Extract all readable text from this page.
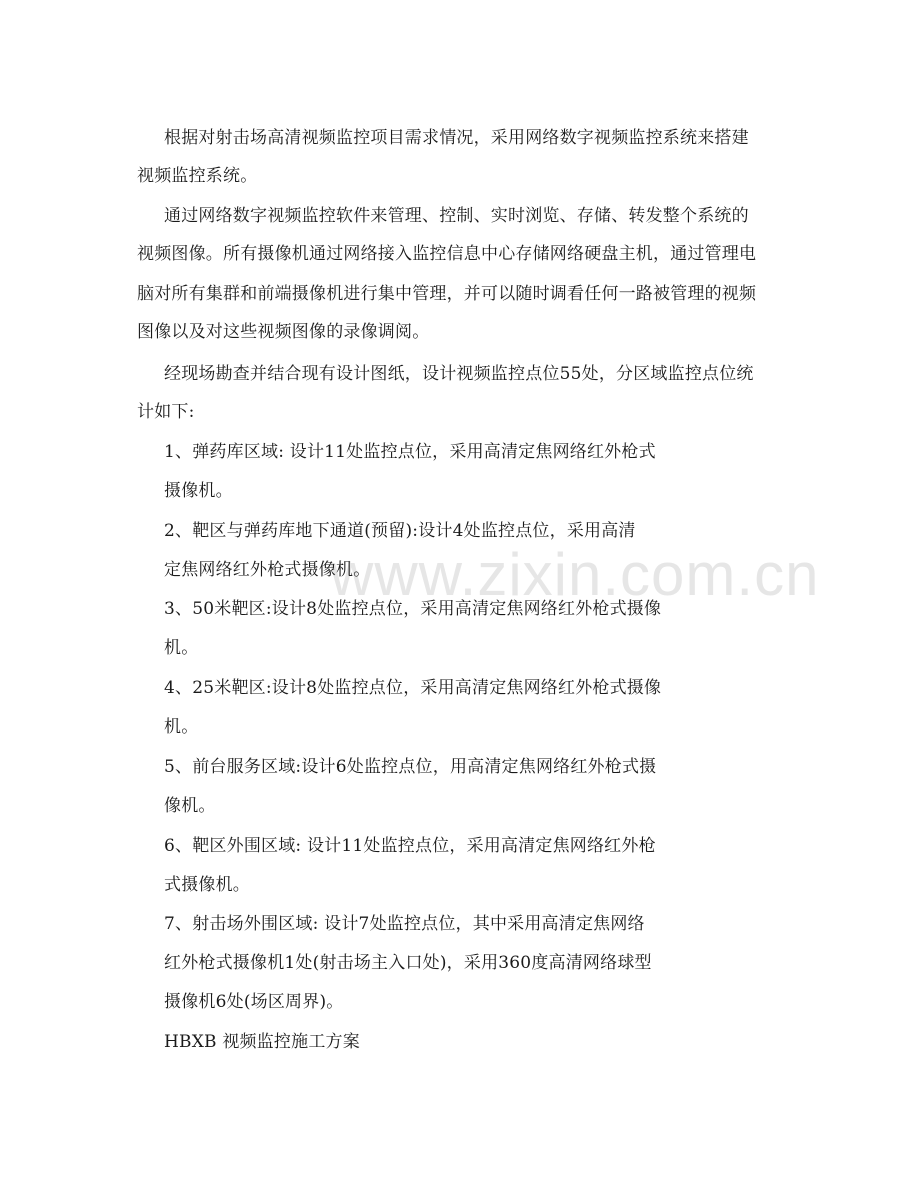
www.zixin.com.cn
根据对射击场高清视频监控项目需求情况，采用网络数字视频监控系统来搭建
视频监控系统。
通过网络数字视频监控软件来管理、控制、实时浏览、存储、转发整个系统的
视频图像。所有摄像机通过网络接入监控信息中心存储网络硬盘主机，通过管理电
脑对所有集群和前端摄像机进行集中管理，并可以随时调看任何一路被管理的视频
图像以及对这些视频图像的录像调阅。
经现场勘查并结合现有设计图纸，设计视频监控点位55处，分区域监控点位统
计如下:
1、弹药库区域: 设计11处监控点位，采用高清定焦网络红外枪式
摄像机。
2、靶区与弹药库地下通道(预留):设计4处监控点位，采用高清
定焦网络红外枪式摄像机。
3、50米靶区:设计8处监控点位，采用高清定焦网络红外枪式摄像
机。
4、25米靶区:设计8处监控点位，采用高清定焦网络红外枪式摄像
机。
5、前台服务区域:设计6处监控点位，用高清定焦网络红外枪式摄
像机。
6、靶区外围区域: 设计11处监控点位，采用高清定焦网络红外枪
式摄像机。
7、射击场外围区域: 设计7处监控点位，其中采用高清定焦网络
红外枪式摄像机1处(射击场主入口处)，采用360度高清网络球型
摄像机6处(场区周界)。
HBXB 视频监控施工方案
